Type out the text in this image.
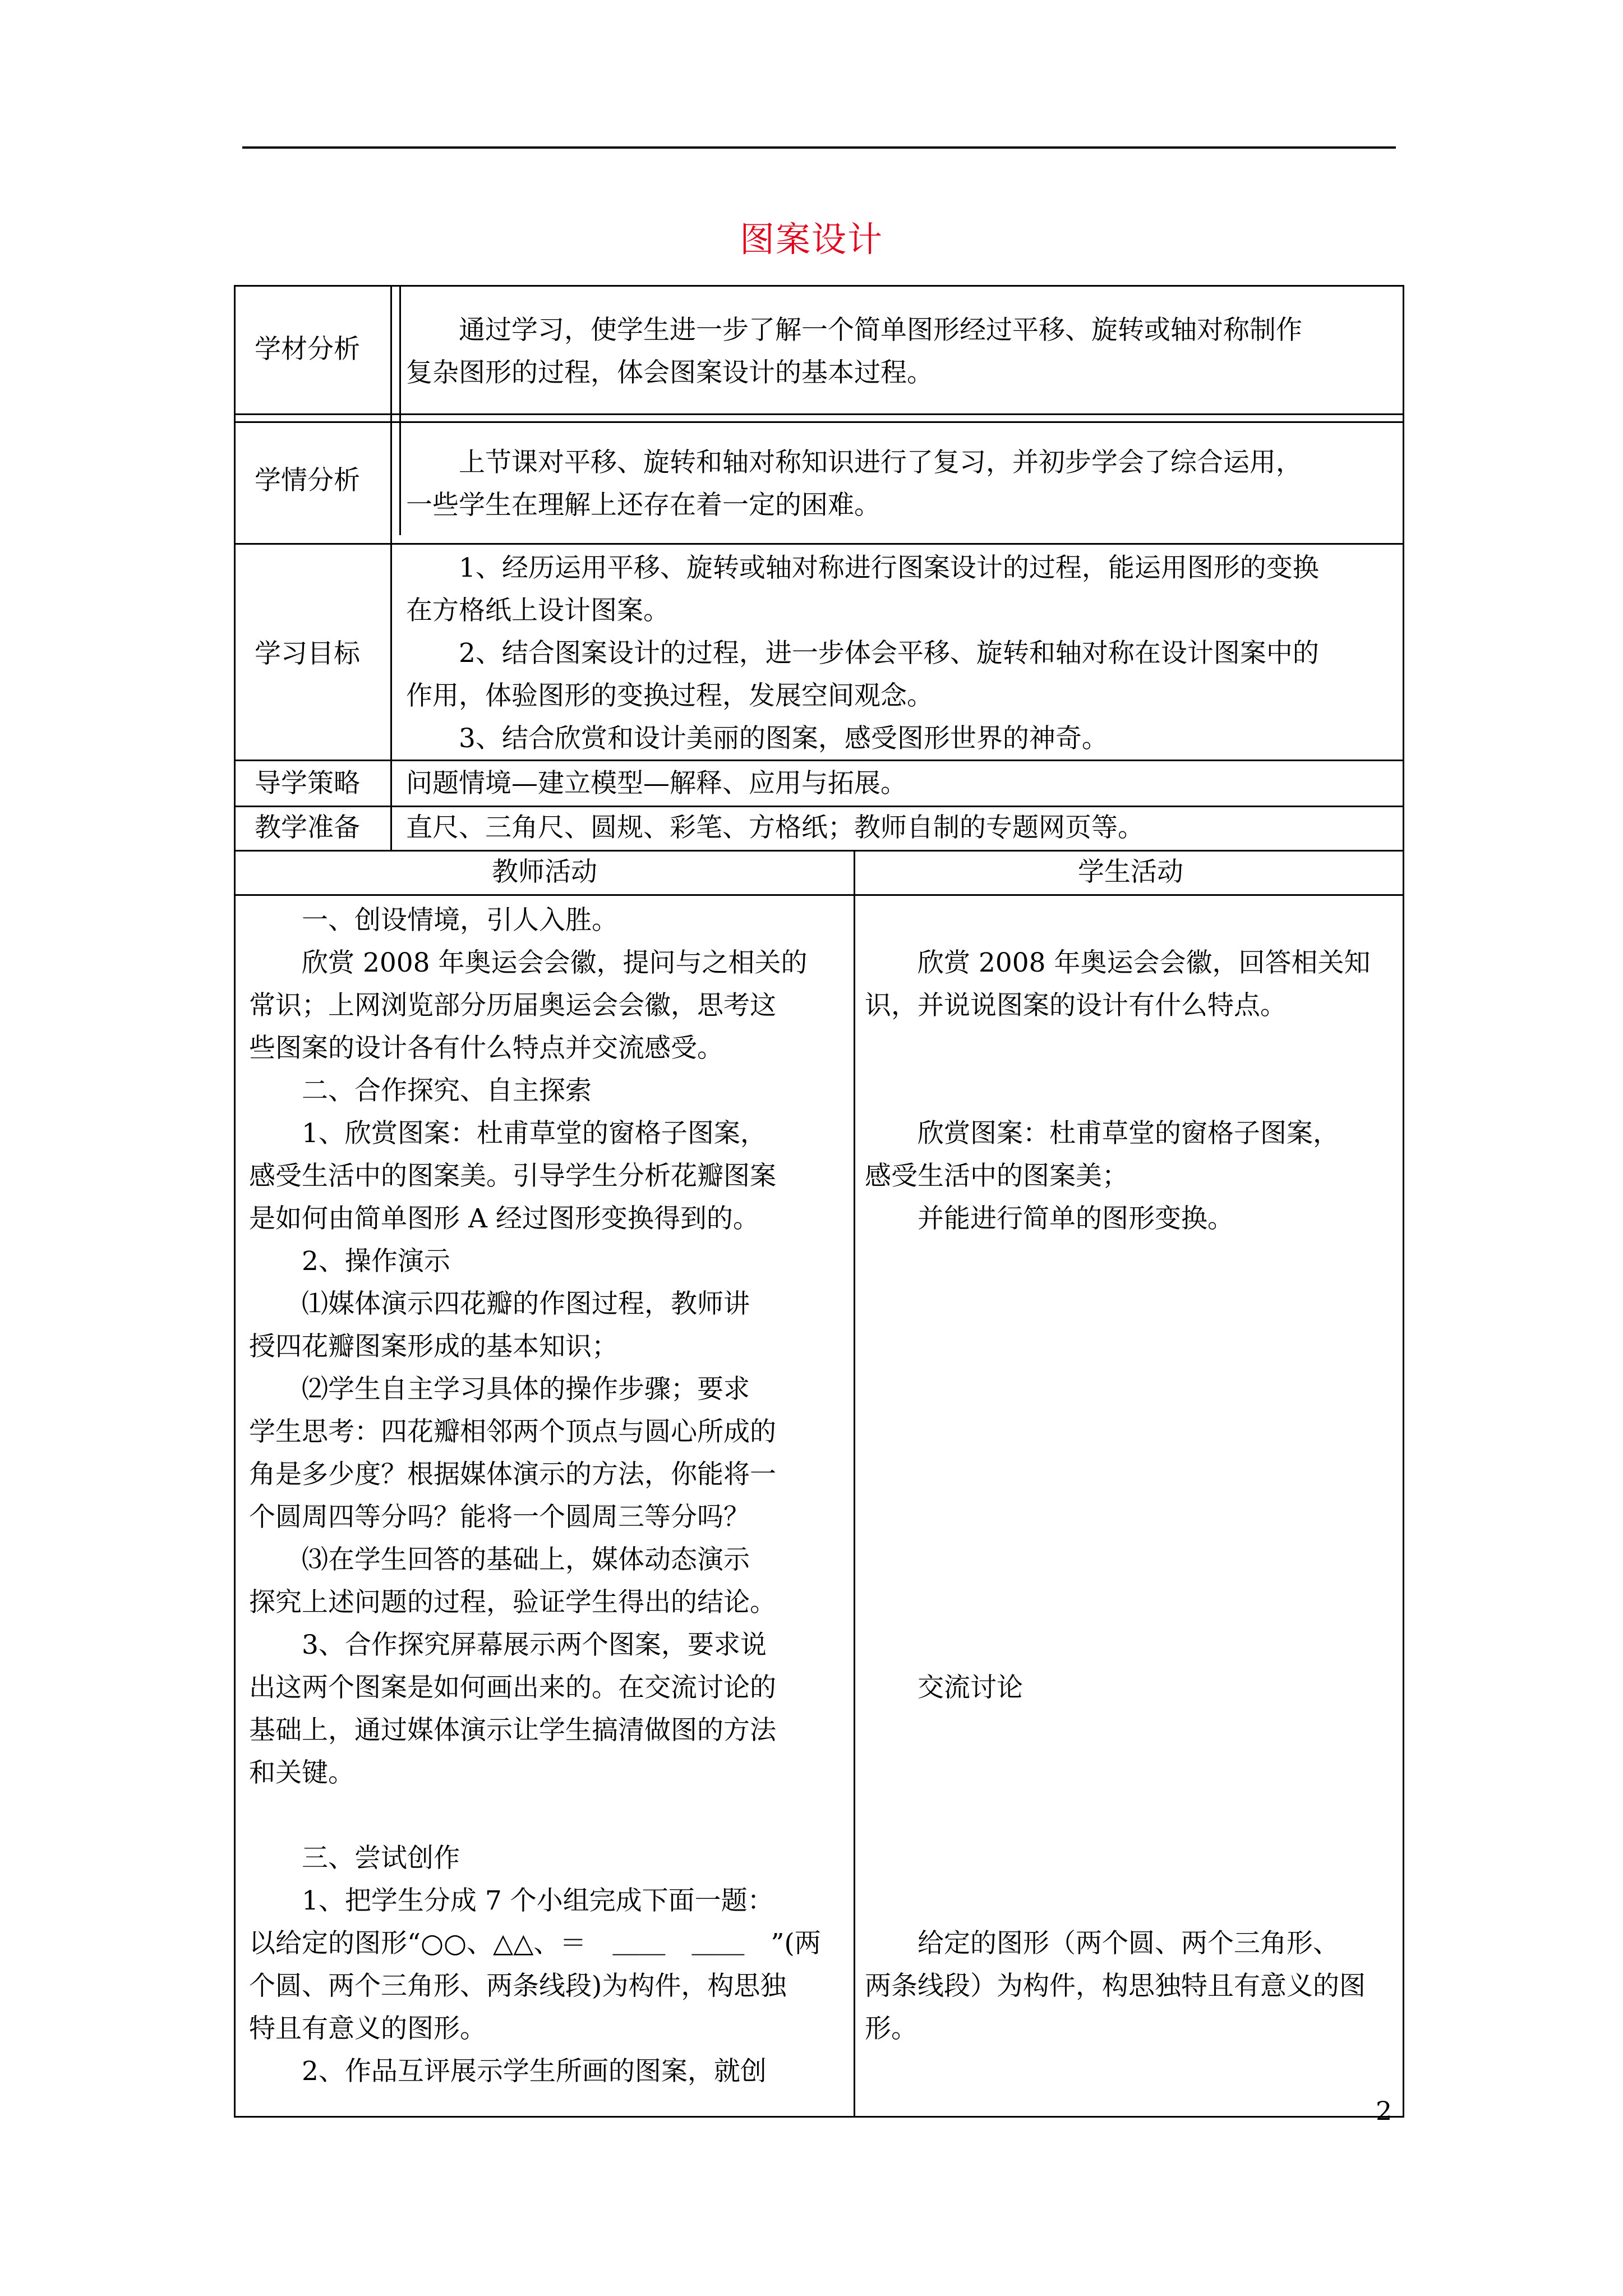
图案设计
学材分析
学情分析
学习目标
导学策略
教学准备
　　通过学习，使学生进一步了解一个简单图形经过平移、旋转或轴对称制作
复杂图形的过程，体会图案设计的基本过程。
　　上节课对平移、旋转和轴对称知识进行了复习，并初步学会了综合运用，
一些学生在理解上还存在着一定的困难。
　　1、经历运用平移、旋转或轴对称进行图案设计的过程，能运用图形的变换
在方格纸上设计图案。
　　2、结合图案设计的过程，进一步体会平移、旋转和轴对称在设计图案中的
作用，体验图形的变换过程，发展空间观念。
　　3、结合欣赏和设计美丽的图案，感受图形世界的神奇。
问题情境—建立模型—解释、应用与拓展。
直尺、三角尺、圆规、彩笔、方格纸；教师自制的专题网页等。
教师活动	学生活动
　　一、创设情境，引人入胜。
　　欣赏 2008 年奥运会会徽，提问与之相关的
常识；上网浏览部分历届奥运会会徽，思考这
些图案的设计各有什么特点并交流感受。
　　二、合作探究、自主探索
　　1、欣赏图案：杜甫草堂的窗格子图案，
感受生活中的图案美。引导学生分析花瓣图案
是如何由简单图形 A 经过图形变换得到的。
　　2、操作演示
　　⑴媒体演示四花瓣的作图过程，教师讲
授四花瓣图案形成的基本知识；
　　⑵学生自主学习具体的操作步骤；要求
学生思考：四花瓣相邻两个顶点与圆心所成的
角是多少度？根据媒体演示的方法，你能将一
个圆周四等分吗？能将一个圆周三等分吗？
　　⑶在学生回答的基础上，媒体动态演示
探究上述问题的过程，验证学生得出的结论。
　　3、合作探究屏幕展示两个图案，要求说
出这两个图案是如何画出来的。在交流讨论的
基础上，通过媒体演示让学生搞清做图的方法
和关键。
　　三、尝试创作
　　1、把学生分成 7 个小组完成下面一题：
以给定的图形“○○、△△、＝　＿＿　＿＿　”(两
个圆、两个三角形、两条线段)为构件，构思独
特且有意义的图形。
　　2、作品互评展示学生所画的图案，就创
　　欣赏 2008 年奥运会会徽，回答相关知
识，并说说图案的设计有什么特点。
　　欣赏图案：杜甫草堂的窗格子图案，
感受生活中的图案美；
　　并能进行简单的图形变换。
　　交流讨论
　　给定的图形（两个圆、两个三角形、
两条线段）为构件，构思独特且有意义的图
形。
2
